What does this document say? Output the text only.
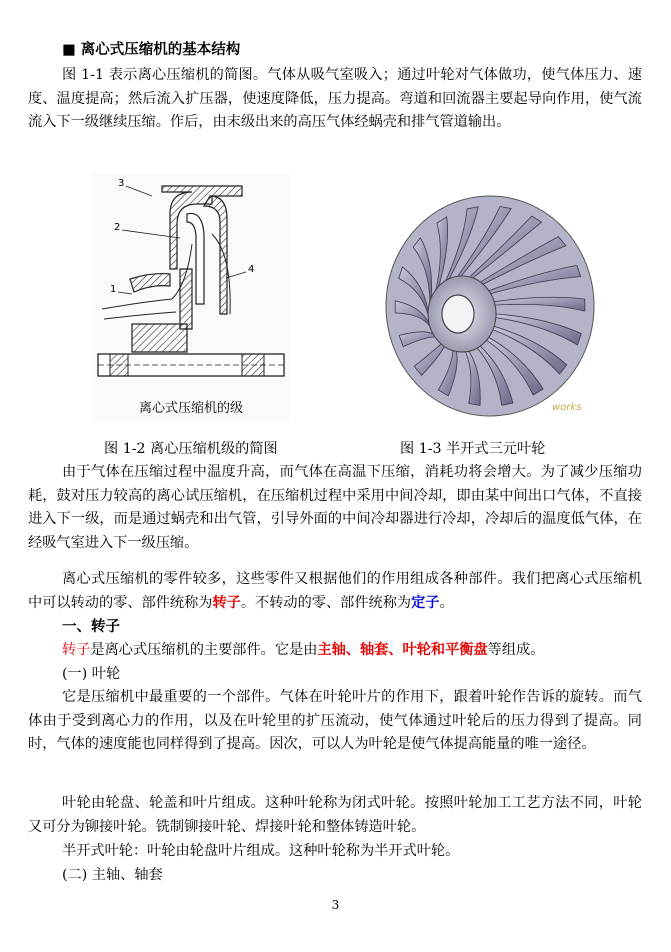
■ 离心式压缩机的基本结构
图 1-1 表示离心压缩机的简图。气体从吸气室吸入；通过叶轮对气体做功，使气体压力、速度、温度提高；然后流入扩压器，使速度降低，压力提高。弯道和回流器主要起导向作用，使气流流入下一级继续压缩。作后，由末级出来的高压气体经蜗壳和排气管道输出。
3
2
1
4
离心式压缩机的级	works
图 1-2 离心压缩机级的简图	图 1-3 半开式三元叶轮
由于气体在压缩过程中温度升高，而气体在高温下压缩，消耗功将会增大。为了减少压缩功耗，鼓对压力较高的离心试压缩机，在压缩机过程中采用中间冷却，即由某中间出口气体，不直接进入下一级，而是通过蜗壳和出气管，引导外面的中间冷却器进行冷却，冷却后的温度低气体，在经吸气室进入下一级压缩。
离心式压缩机的零件较多，这些零件又根据他们的作用组成各种部件。我们把离心式压缩机中可以转动的零、部件统称为转子。不转动的零、部件统称为定子。
一、转子
转子是离心式压缩机的主要部件。它是由主轴、轴套、叶轮和平衡盘等组成。
(一) 叶轮
它是压缩机中最重要的一个部件。气体在叶轮叶片的作用下，跟着叶轮作告诉的旋转。而气体由于受到离心力的作用，以及在叶轮里的扩压流动，使气体通过叶轮后的压力得到了提高。同时，气体的速度能也同样得到了提高。因次，可以人为叶轮是使气体提高能量的唯一途径。
叶轮由轮盘、轮盖和叶片组成。这种叶轮称为闭式叶轮。按照叶轮加工工艺方法不同，叶轮又可分为铆接叶轮。铣制铆接叶轮、焊接叶轮和整体铸造叶轮。
半开式叶轮：叶轮由轮盘叶片组成。这种叶轮称为半开式叶轮。
(二) 主轴、轴套
3
